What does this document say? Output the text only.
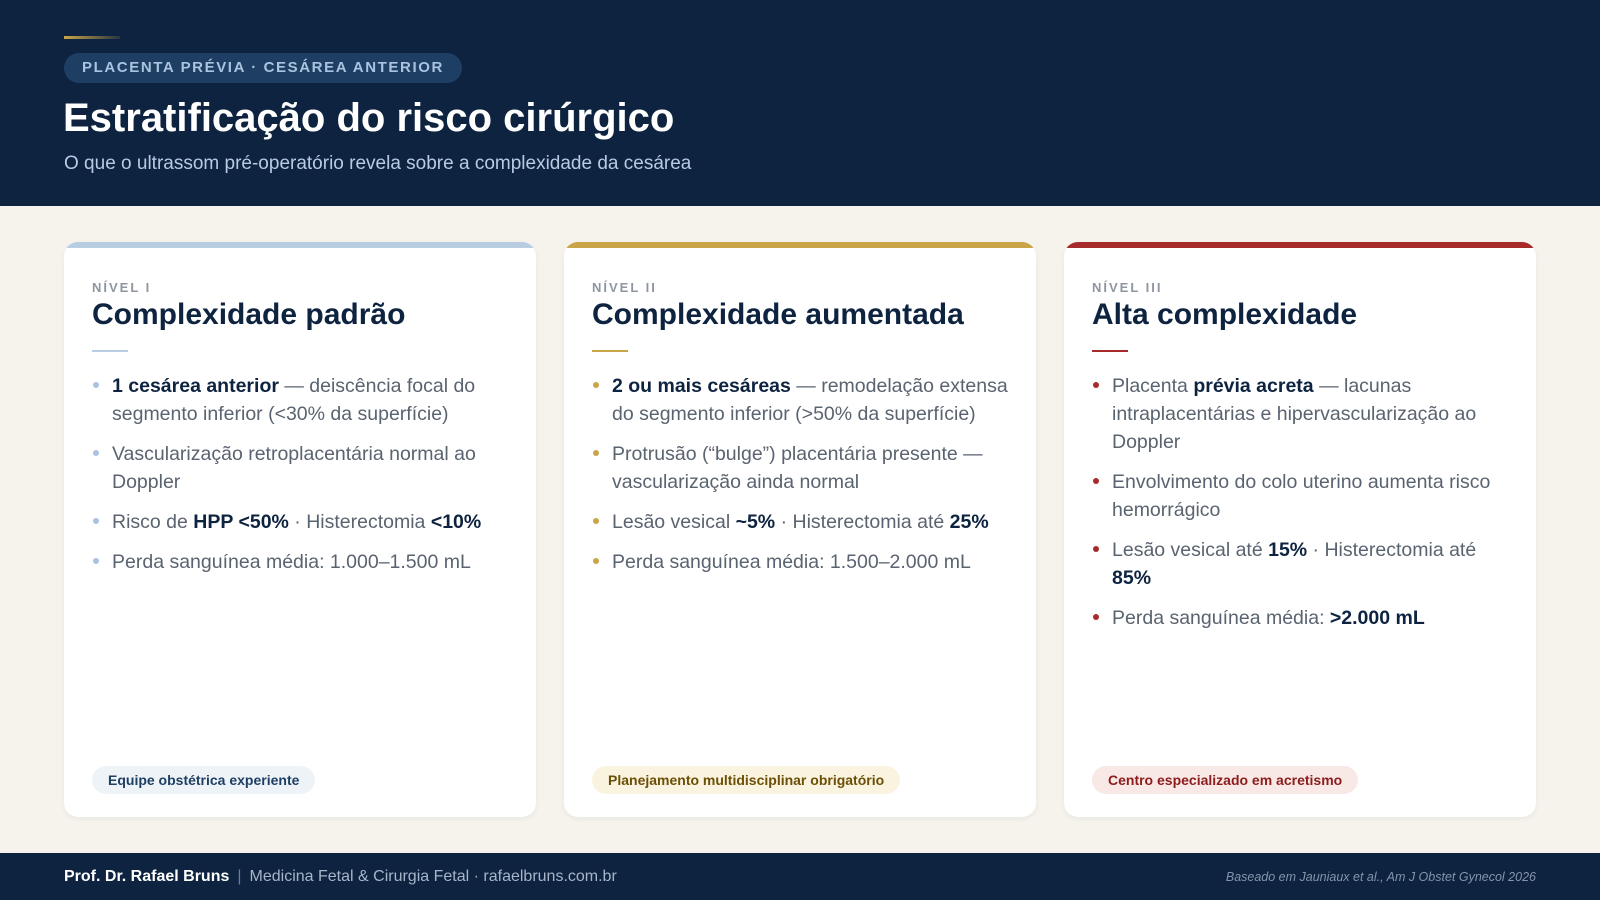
PLACENTA PRÉVIA · CESÁREA ANTERIOR
Estratificação do risco cirúrgico
O que o ultrassom pré-operatório revela sobre a complexidade da cesárea
NÍVEL I
Complexidade padrão
1 cesárea anterior — deiscência focal do segmento inferior (<30% da superfície)
Vascularização retroplacentária normal ao Doppler
Risco de HPP <50% · Histerectomia <10%
Perda sanguínea média: 1.000–1.500 mL
Equipe obstétrica experiente
NÍVEL II
Complexidade aumentada
2 ou mais cesáreas — remodelação extensa do segmento inferior (>50% da superfície)
Protrusão (“bulge”) placentária presente — vascularização ainda normal
Lesão vesical ~5% · Histerectomia até 25%
Perda sanguínea média: 1.500–2.000 mL
Planejamento multidisciplinar obrigatório
NÍVEL III
Alta complexidade
Placenta prévia acreta — lacunas intraplacentárias e hipervascularização ao Doppler
Envolvimento do colo uterino aumenta risco hemorrágico
Lesão vesical até 15% · Histerectomia até 85%
Perda sanguínea média: >2.000 mL
Centro especializado em acretismo
Prof. Dr. Rafael Bruns | Medicina Fetal & Cirurgia Fetal · rafaelbruns.com.br	Baseado em Jauniaux et al., Am J Obstet Gynecol 2026
